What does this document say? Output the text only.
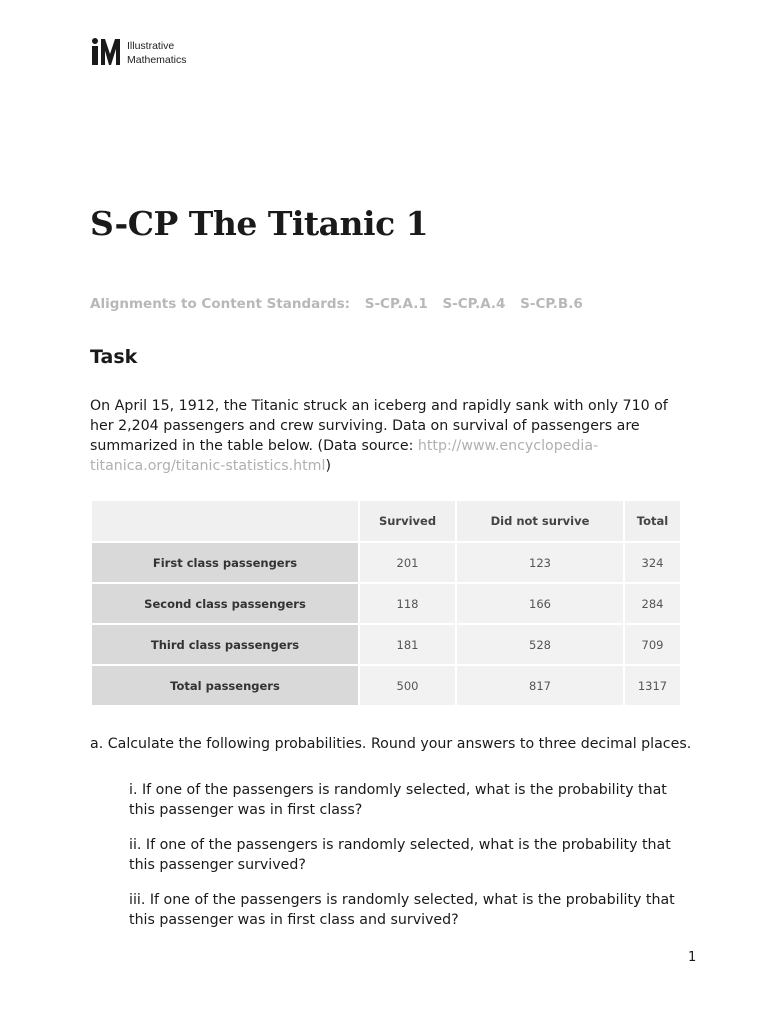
Illustrative
Mathematics
S-CP The Titanic 1
Alignments to Content Standards: S-CP.A.1 S-CP.A.4 S-CP.B.6
Task

On April 15, 1912, the Titanic struck an iceberg and rapidly sank with only 710 of her 2,204 passengers and crew surviving. Data on survival of passengers are summarized in the table below. (Data source: http://www.encyclopedia-titanica.org/titanic-statistics.html)

	Survived	Did not survive	Total
First class passengers	201	123	324
Second class passengers	118	166	284
Third class passengers	181	528	709
Total passengers	500	817	1317

a. Calculate the following probabilities. Round your answers to three decimal places.

i. If one of the passengers is randomly selected, what is the probability that this passenger was in first class?

ii. If one of the passengers is randomly selected, what is the probability that this passenger survived?

iii. If one of the passengers is randomly selected, what is the probability that this passenger was in first class and survived?

1
